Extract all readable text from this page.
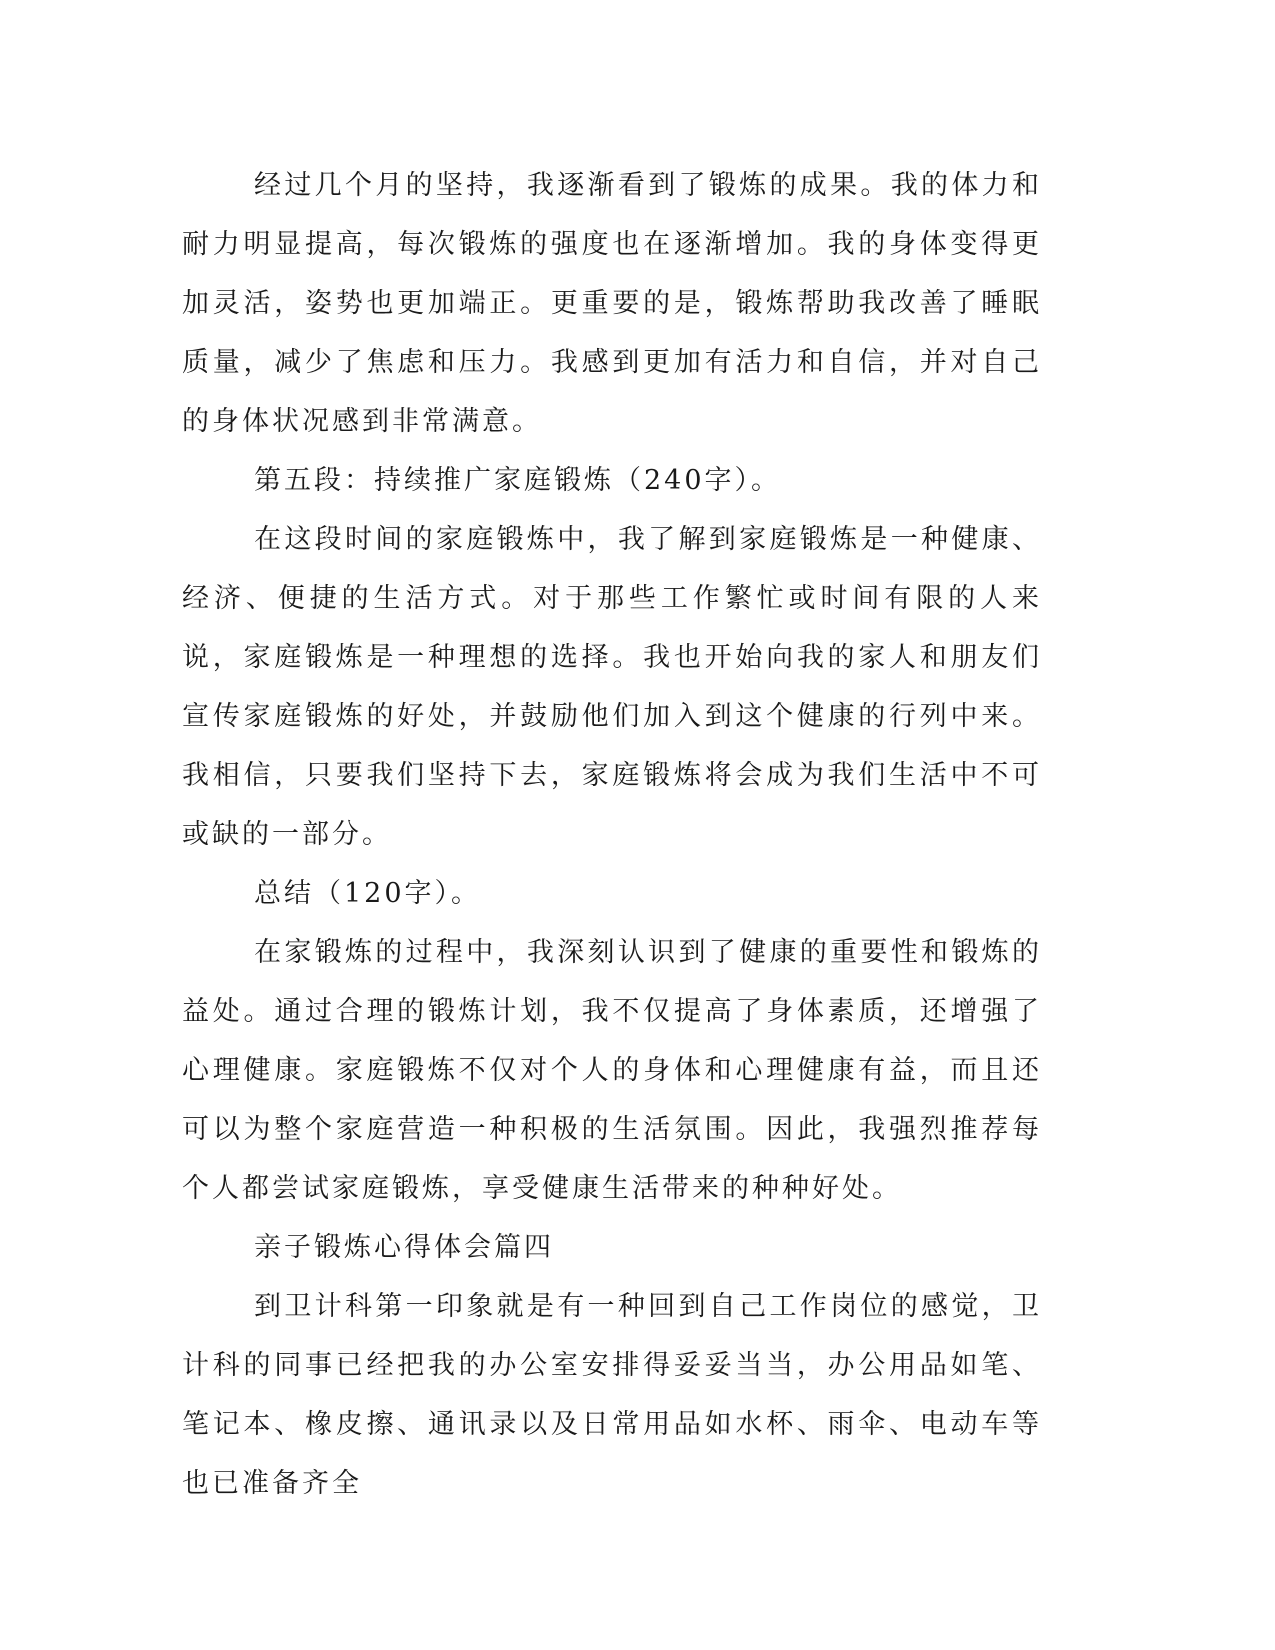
经过几个月的坚持，我逐渐看到了锻炼的成果。我的体力和耐力明显提高，每次锻炼的强度也在逐渐增加。我的身体变得更加灵活，姿势也更加端正。更重要的是，锻炼帮助我改善了睡眠质量，减少了焦虑和压力。我感到更加有活力和自信，并对自己的身体状况感到非常满意。

第五段：持续推广家庭锻炼（240字）。

在这段时间的家庭锻炼中，我了解到家庭锻炼是一种健康、经济、便捷的生活方式。对于那些工作繁忙或时间有限的人来说，家庭锻炼是一种理想的选择。我也开始向我的家人和朋友们宣传家庭锻炼的好处，并鼓励他们加入到这个健康的行列中来。我相信，只要我们坚持下去，家庭锻炼将会成为我们生活中不可或缺的一部分。

总结（120字）。

在家锻炼的过程中，我深刻认识到了健康的重要性和锻炼的益处。通过合理的锻炼计划，我不仅提高了身体素质，还增强了心理健康。家庭锻炼不仅对个人的身体和心理健康有益，而且还可以为整个家庭营造一种积极的生活氛围。因此，我强烈推荐每个人都尝试家庭锻炼，享受健康生活带来的种种好处。

亲子锻炼心得体会篇四

到卫计科第一印象就是有一种回到自己工作岗位的感觉，卫计科的同事已经把我的办公室安排得妥妥当当，办公用品如笔、笔记本、橡皮擦、通讯录以及日常用品如水杯、雨伞、电动车等也已准备齐全
